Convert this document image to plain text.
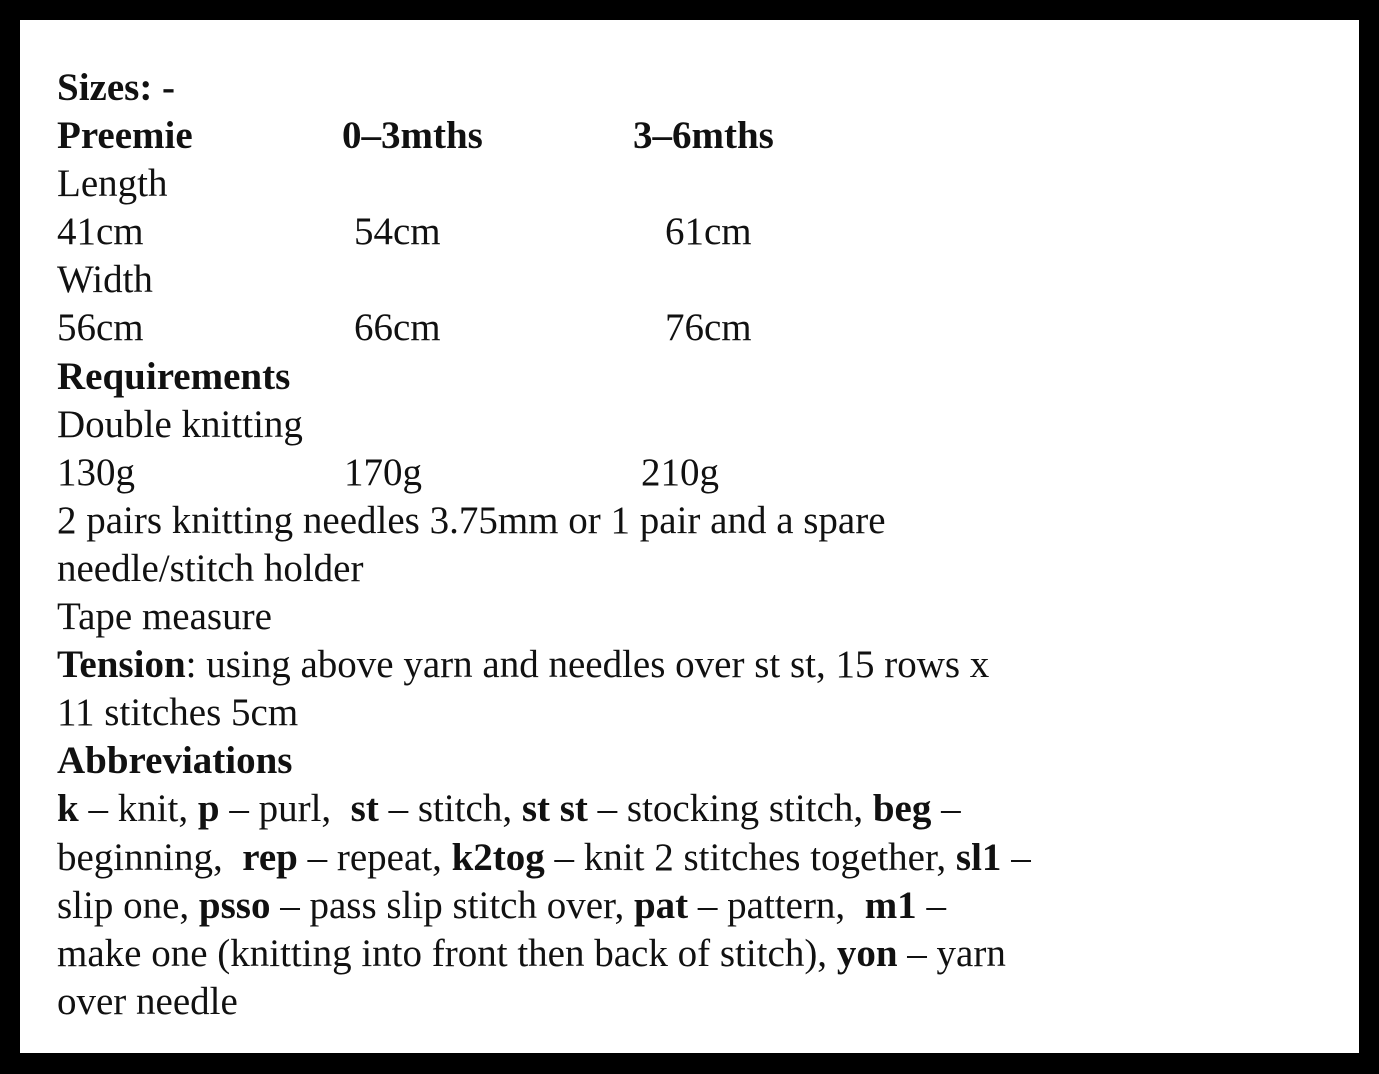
Sizes: -
Preemie	0–3mths	3–6mths
Length
41cm	54cm	61cm
Width
56cm	66cm	76cm
Requirements
Double knitting
130g	170g	210g
2 pairs knitting needles 3.75mm or 1 pair and a spare
needle/stitch holder
Tape measure
Tension: using above yarn and needles over st st, 15 rows x
11 stitches 5cm
Abbreviations
k – knit, p – purl,  st – stitch, st st – stocking stitch, beg –
beginning,  rep – repeat, k2tog – knit 2 stitches together, sl1 –
slip one, psso – pass slip stitch over, pat – pattern,  m1 –
make one (knitting into front then back of stitch), yon – yarn
over needle
